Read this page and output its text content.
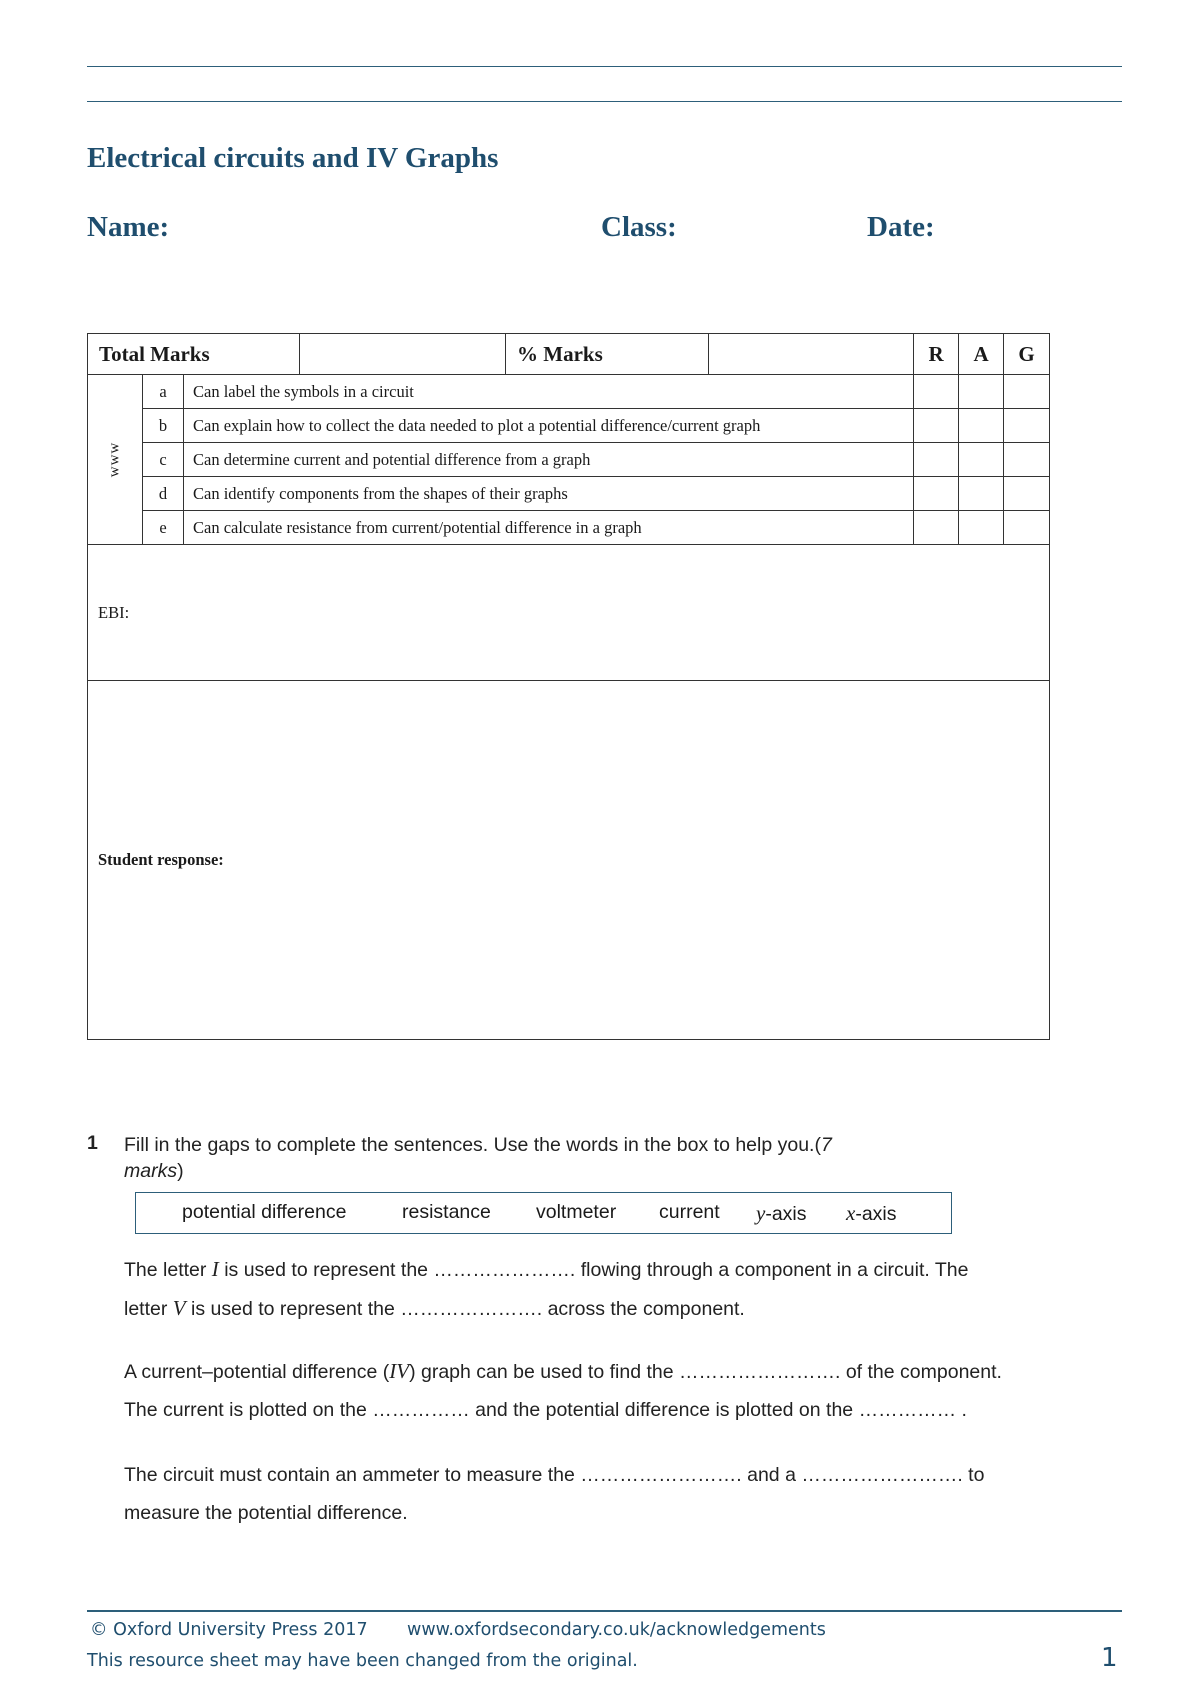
Electrical circuits and IV Graphs
Name:	Class:	Date:
Total Marks				% Marks		R	A	G

www	a	Can label the symbols in a circuit						
	b	Can explain how to collect the data needed to plot a potential difference/current graph						
	c	Can determine current and potential difference from a graph						
	d	Can identify components from the shapes of their graphs						
	e	Can calculate resistance from current/potential difference in a graph						

EBI:								

Student response:								
1 Fill in the gaps to complete the sentences. Use the words in the box to help you.(7
marks)
potential difference	resistance voltmeter current y-axis x-axis
The letter I is used to represent the …………………. flowing through a component in a circuit. The
letter V is used to represent the …………………. across the component.
A current–potential difference (IV) graph can be used to find the ……………………. of the component.
The current is plotted on the …………… and the potential difference is plotted on the …………… .
The circuit must contain an ammeter to measure the ……………………. and a ……………………. to
measure the potential difference.
© Oxford University Press 2017 www.oxfordsecondary.co.uk/acknowledgements
This resource sheet may have been changed from the original.	1
